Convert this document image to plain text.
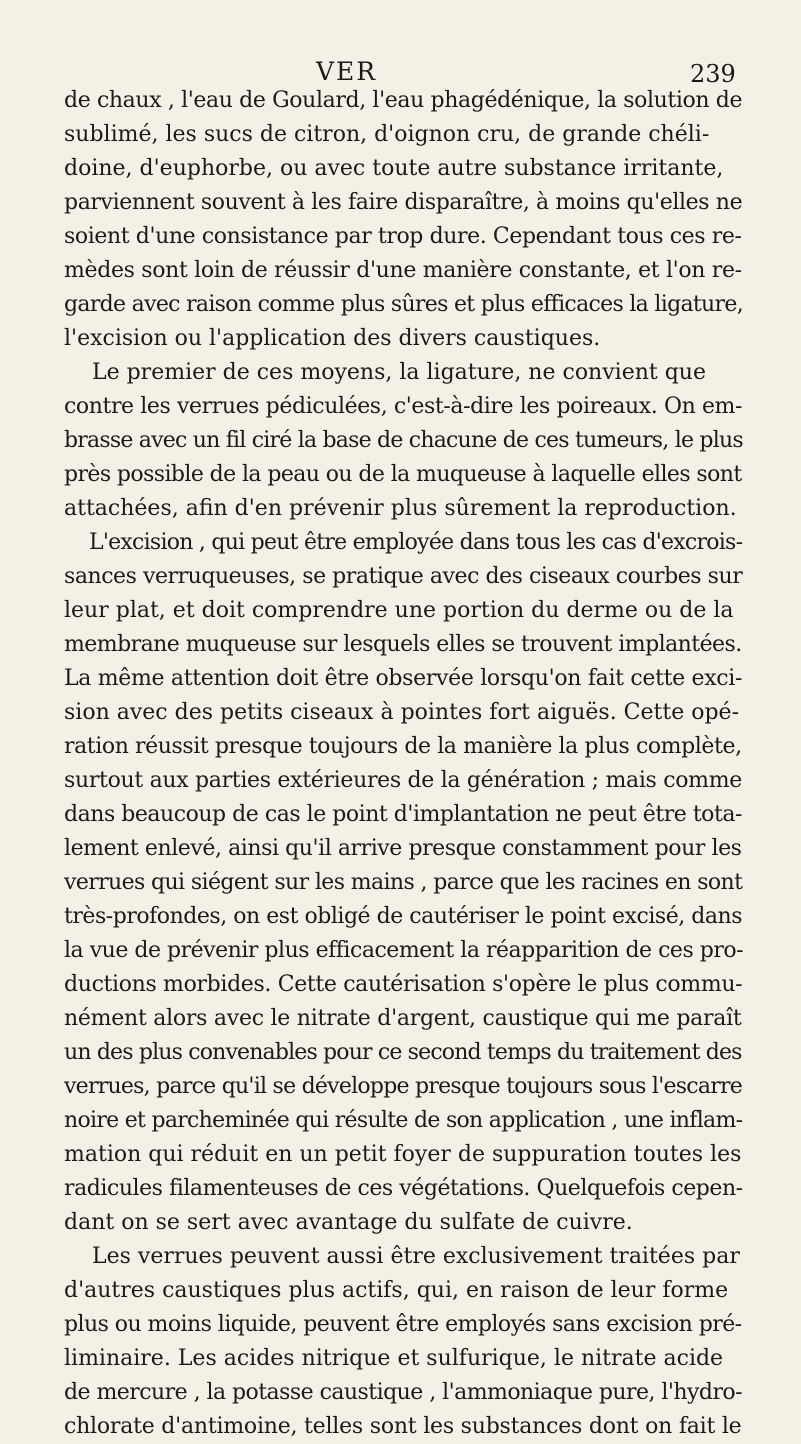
VER	239
de chaux , l'eau de Goulard, l'eau phagédénique, la solution de
sublimé, les sucs de citron, d'oignon cru, de grande chéli-
doine, d'euphorbe, ou avec toute autre substance irritante,
parviennent souvent à les faire disparaître, à moins qu'elles ne
soient d'une consistance par trop dure. Cependant tous ces re-
mèdes sont loin de réussir d'une manière constante, et l'on re-
garde avec raison comme plus sûres et plus efficaces la ligature,
l'excision ou l'application des divers caustiques.
Le premier de ces moyens, la ligature, ne convient que
contre les verrues pédiculées, c'est-à-dire les poireaux. On em-
brasse avec un fil ciré la base de chacune de ces tumeurs, le plus
près possible de la peau ou de la muqueuse à laquelle elles sont
attachées, afin d'en prévenir plus sûrement la reproduction.
L'excision , qui peut être employée dans tous les cas d'excrois-
sances verruqueuses, se pratique avec des ciseaux courbes sur
leur plat, et doit comprendre une portion du derme ou de la
membrane muqueuse sur lesquels elles se trouvent implantées.
La même attention doit être observée lorsqu'on fait cette exci-
sion avec des petits ciseaux à pointes fort aiguës. Cette opé-
ration réussit presque toujours de la manière la plus complète,
surtout aux parties extérieures de la génération ; mais comme
dans beaucoup de cas le point d'implantation ne peut être tota-
lement enlevé, ainsi qu'il arrive presque constamment pour les
verrues qui siégent sur les mains , parce que les racines en sont
très-profondes, on est obligé de cautériser le point excisé, dans
la vue de prévenir plus efficacement la réapparition de ces pro-
ductions morbides. Cette cautérisation s'opère le plus commu-
nément alors avec le nitrate d'argent, caustique qui me paraît
un des plus convenables pour ce second temps du traitement des
verrues, parce qu'il se développe presque toujours sous l'escarre
noire et parcheminée qui résulte de son application , une inflam-
mation qui réduit en un petit foyer de suppuration toutes les
radicules filamenteuses de ces végétations. Quelquefois cepen-
dant on se sert avec avantage du sulfate de cuivre.
Les verrues peuvent aussi être exclusivement traitées par
d'autres caustiques plus actifs, qui, en raison de leur forme
plus ou moins liquide, peuvent être employés sans excision pré-
liminaire. Les acides nitrique et sulfurique, le nitrate acide
de mercure , la potasse caustique , l'ammoniaque pure, l'hydro-
chlorate d'antimoine, telles sont les substances dont on fait le
